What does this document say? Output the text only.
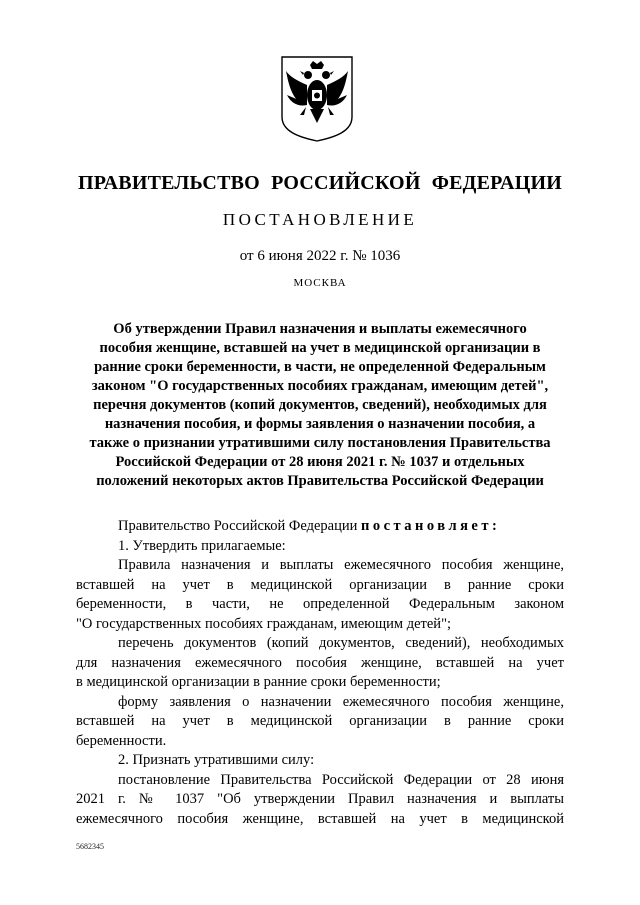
ПРАВИТЕЛЬСТВО РОССИЙСКОЙ ФЕДЕРАЦИИ
ПОСТАНОВЛЕНИЕ
от 6 июня 2022 г. № 1036
МОСКВА
Об утверждении Правил назначения и выплаты ежемесячного
пособия женщине, вставшей на учет в медицинской организации в
ранние сроки беременности, в части, не определенной Федеральным
законом "О государственных пособиях гражданам, имеющим детей",
перечня документов (копий документов, сведений), необходимых для
назначения пособия, и формы заявления о назначении пособия, а
также о признании утратившими силу постановления Правительства
Российской Федерации от 28 июня 2021 г. № 1037 и отдельных
положений некоторых актов Правительства Российской Федерации
Правительство Российской Федерации постановляет:
1. Утвердить прилагаемые:
Правила назначения и выплаты ежемесячного пособия женщине,
вставшей на учет в медицинской организации в ранние сроки
беременности, в части, не определенной Федеральным законом
"О государственных пособиях гражданам, имеющим детей";
перечень документов (копий документов, сведений), необходимых
для назначения ежемесячного пособия женщине, вставшей на учет
в медицинской организации в ранние сроки беременности;
форму заявления о назначении ежемесячного пособия женщине,
вставшей на учет в медицинской организации в ранние сроки
беременности.
2. Признать утратившими силу:
постановление Правительства Российской Федерации от 28 июня
2021 г. № 1037 "Об утверждении Правил назначения и выплаты
ежемесячного пособия женщине, вставшей на учет в медицинской
5682345
